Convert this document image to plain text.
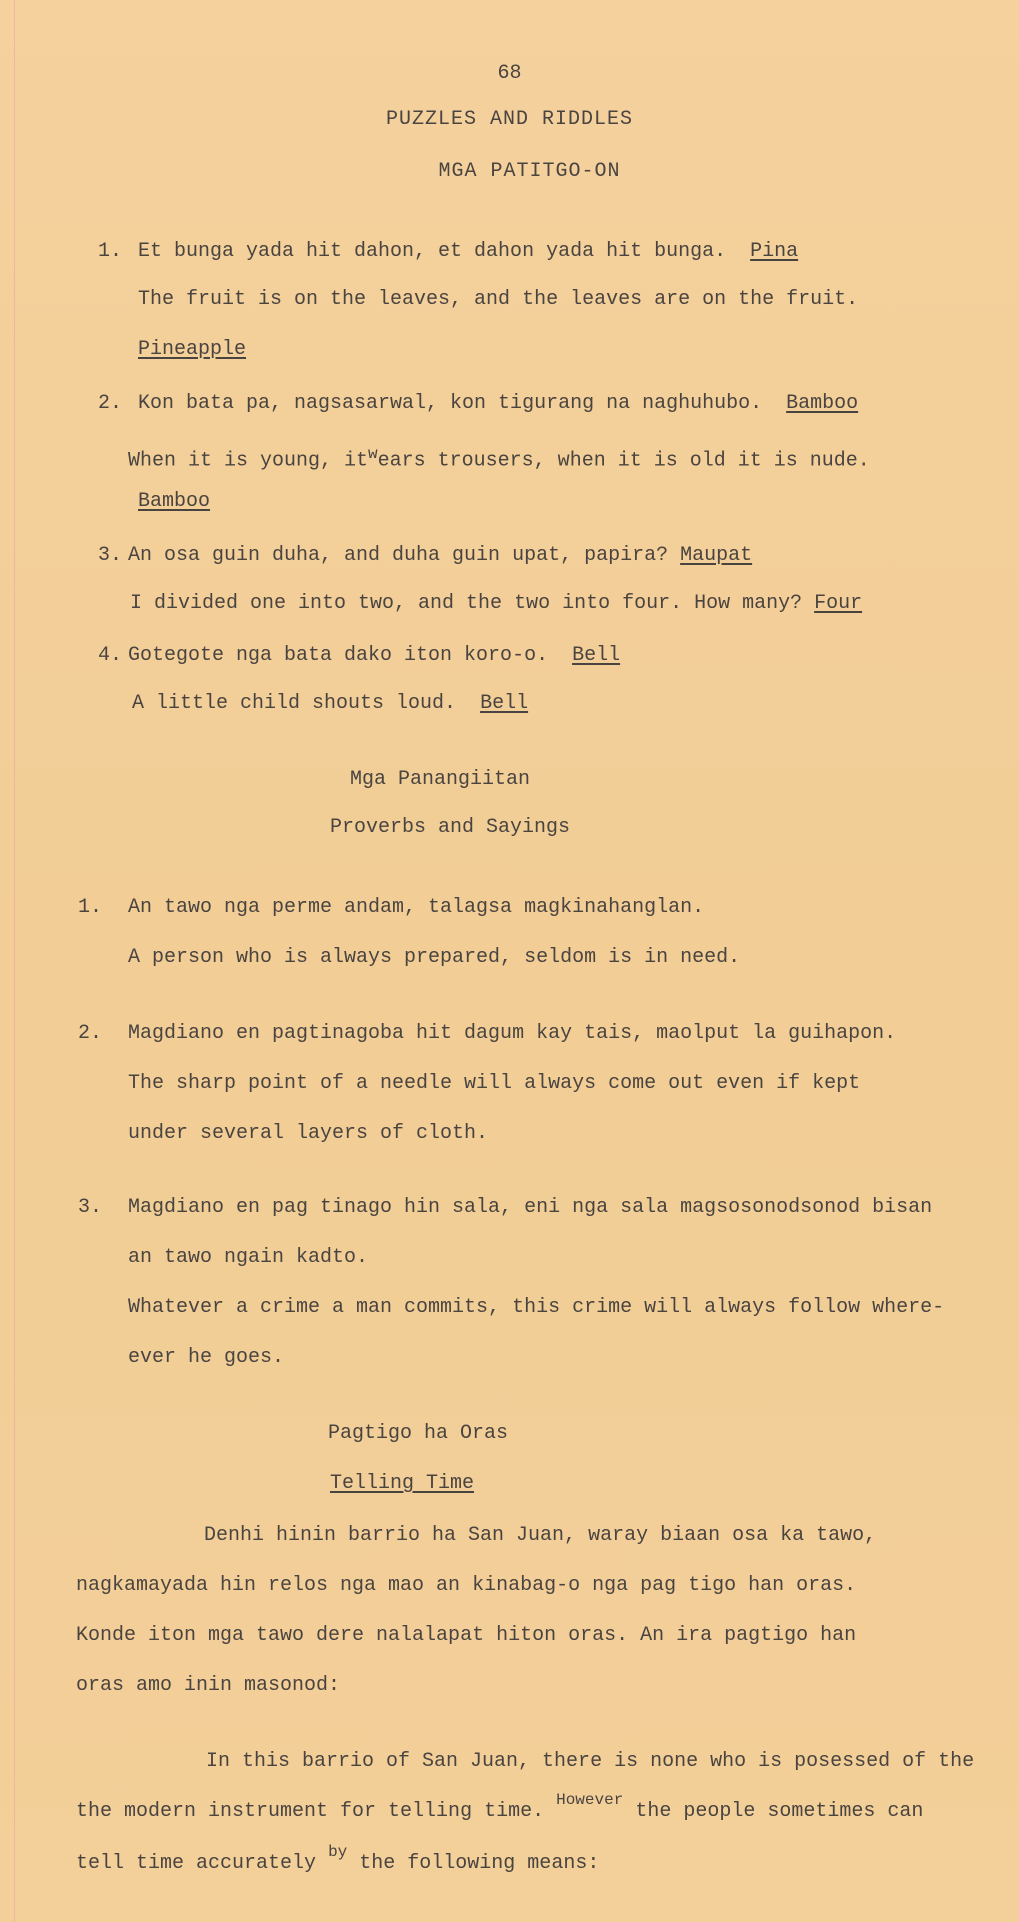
68
PUZZLES AND RIDDLES
MGA PATITGO-ON
1. Et bunga yada hit dahon, et dahon yada hit bunga. Pina
The fruit is on the leaves, and the leaves are on the fruit.
Pineapple
2. Kon bata pa, nagsasarwal, kon tigurang na naghuhubo. Bamboo
When it is young, $it^wears$ trousers, when it is old it is nude.
Bamboo
3. An osa guin duha, and duha guin upat, papira? Maupat
I divided one into two, and the two into four. How many? Four
4. Gotegote nga bata dako iton koro-o. Bell
A little child shouts loud. Bell
Mga Panangiitan
Proverbs and Sayings
1. An tawo nga perme andam, talagsa magkinahanglan.
A person who is always prepared, seldom is in need.
2. Magdiano en pagtinagoba hit dagum kay tais, maolput la guihapon.
The sharp point of a needle will always come out even if kept
under several layers of cloth.
3. Magdiano en pag tinago hin sala, eni nga sala magsosonodsonod bisan
an tawo ngain kadto.
Whatever a crime a man commits, this crime will always follow where-
ever he goes.
Pagtigo ha Oras
Telling Time
Denhi hinin barrio ha San Juan, waray biaan osa ka tawo,
nagkamayada hin relos nga mao an kinabag-o nga pag tigo han oras.
Konde iton mga tawo dere nalalapat hiton oras. An ira pagtigo han
oras amo inin masonod:
In this barrio of San Juan, there is none who is posessed of the
the modern instrument for telling time. $^{However}$ the people sometimes can
tell time accurately $^{by}$ the following means:
